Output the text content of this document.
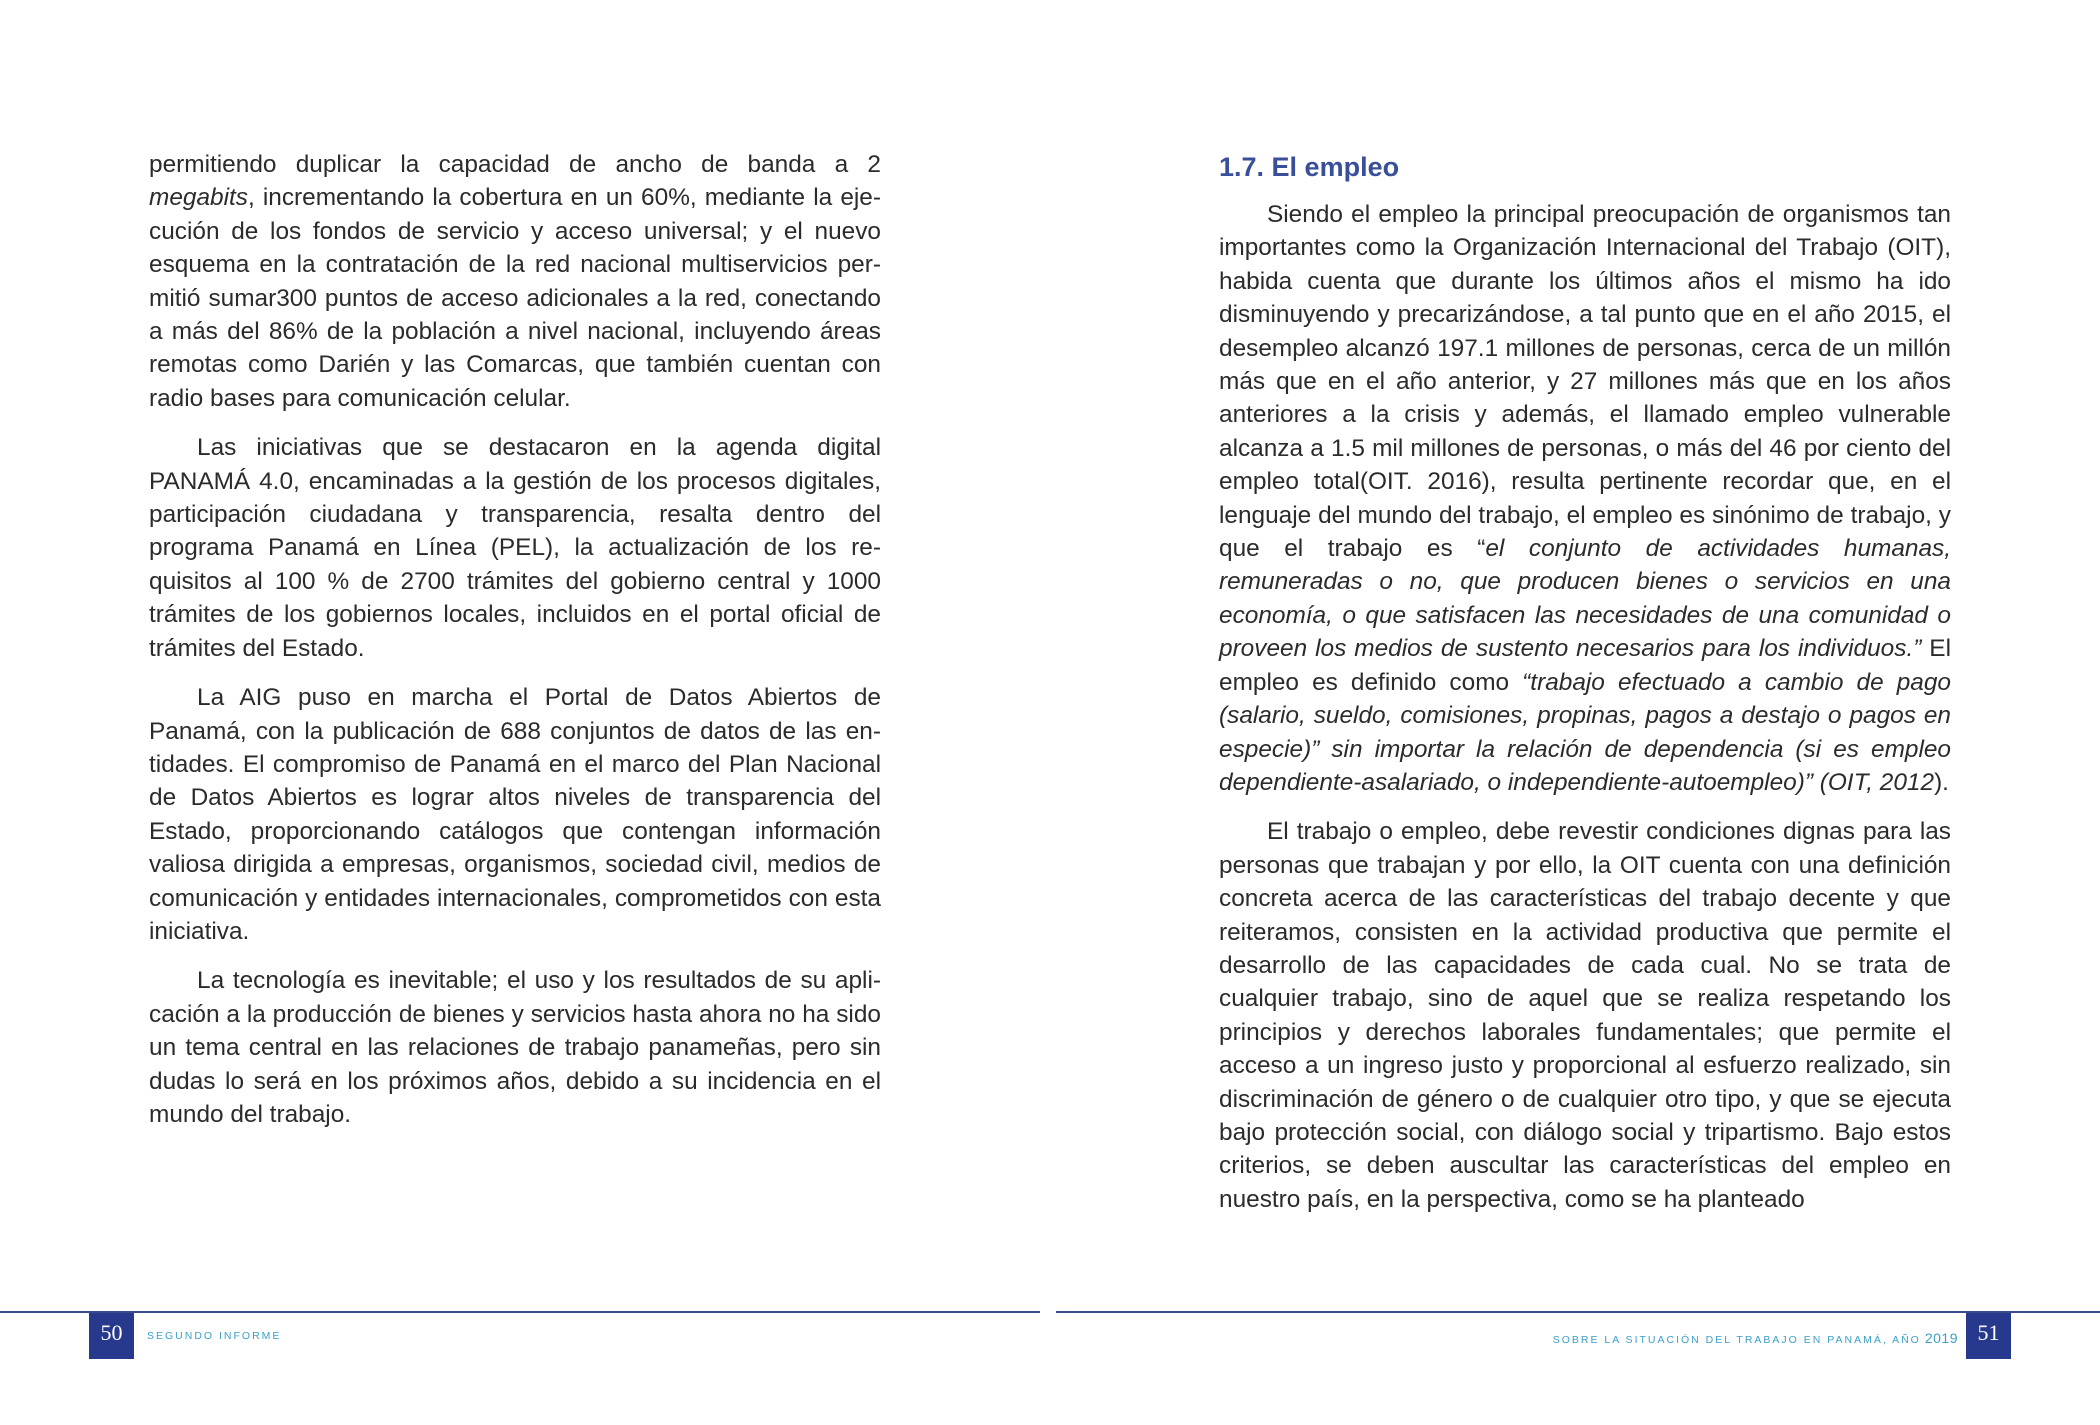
permitiendo duplicar la capacidad de ancho de banda a 2 megabits, incrementando la cobertura en un 60%, mediante la ejecución de los fondos de servicio y acceso universal; y el nuevo esquema en la contratación de la red nacional multiservicios permitió sumar300 puntos de acceso adicionales a la red, conectando a más del 86% de la población a nivel nacional, incluyendo áreas remotas como Darién y las Comarcas, que también cuentan con radio bases para comunicación celular.

Las iniciativas que se destacaron en la agenda digital PANAMÁ 4.0, encaminadas a la gestión de los procesos digitales, participación ciudadana y transparencia, resalta dentro del programa Panamá en Línea (PEL), la actualización de los requisitos al 100 % de 2700 trámites del gobierno central y 1000 trámites de los gobiernos locales, incluidos en el portal oficial de trámites del Estado.

La AIG puso en marcha el Portal de Datos Abiertos de Panamá, con la publicación de 688 conjuntos de datos de las entidades. El compromiso de Panamá en el marco del Plan Nacional de Datos Abiertos es lograr altos niveles de transparencia del Estado, proporcionando catálogos que contengan información valiosa dirigida a empresas, organismos, sociedad civil, medios de comunicación y entidades internacionales, comprometidos con esta iniciativa.

La tecnología es inevitable; el uso y los resultados de su aplicación a la producción de bienes y servicios hasta ahora no ha sido un tema central en las relaciones de trabajo panameñas, pero sin dudas lo será en los próximos años, debido a su incidencia en el mundo del trabajo.

50	SEGUNDO INFORME
1.7. El empleo

Siendo el empleo la principal preocupación de organismos tan importantes como la Organización Internacional del Trabajo (OIT), habida cuenta que durante los últimos años el mismo ha ido disminuyendo y precarizándose, a tal punto que en el año 2015, el desempleo alcanzó 197.1 millones de personas, cerca de un millón más que en el año anterior, y 27 millones más que en los años anteriores a la crisis y además, el llamado empleo vulnerable alcanza a 1.5 mil millones de personas, o más del 46 por ciento del empleo total(OIT. 2016), resulta pertinente recordar que, en el lenguaje del mundo del trabajo, el empleo es sinónimo de trabajo, y que el trabajo es “el conjunto de actividades humanas, remuneradas o no, que producen bienes o servicios en una economía, o que satisfacen las necesidades de una comunidad o proveen los medios de sustento necesarios para los individuos.” El empleo es definido como “trabajo efectuado a cambio de pago (salario, sueldo, comisiones, propinas, pagos a destajo o pagos en especie)” sin importar la relación de dependencia (si es empleo dependiente-asalariado, o independiente-autoempleo)” (OIT, 2012).

El trabajo o empleo, debe revestir condiciones dignas para las personas que trabajan y por ello, la OIT cuenta con una definición concreta acerca de las características del trabajo decente y que reiteramos, consisten en la actividad productiva que permite el desarrollo de las capacidades de cada cual. No se trata de cualquier trabajo, sino de aquel que se realiza respetando los principios y derechos laborales fundamentales; que permite el acceso a un ingreso justo y proporcional al esfuerzo realizado, sin discriminación de género o de cualquier otro tipo, y que se ejecuta bajo protección social, con diálogo social y tripartismo. Bajo estos criterios, se deben auscultar las características del empleo en nuestro país, en la perspectiva, como se ha planteado

SOBRE LA SITUACIÓN DEL TRABAJO EN PANAMÁ, AÑO 2019 51
